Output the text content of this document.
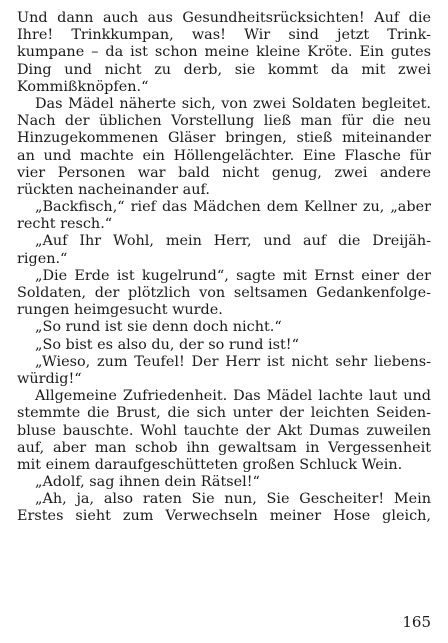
Und dann auch aus Gesundheitsrücksichten! Auf die
Ihre! Trinkkumpan, was! Wir sind jetzt Trink-
kumpane – da ist schon meine kleine Kröte. Ein gutes
Ding und nicht zu derb, sie kommt da mit zwei
Kommißknöpfen.“
Das Mädel näherte sich, von zwei Soldaten begleitet.
Nach der üblichen Vorstellung ließ man für die neu
Hinzugekommenen Gläser bringen, stieß miteinander
an und machte ein Höllengelächter. Eine Flasche für
vier Personen war bald nicht genug, zwei andere
rückten nacheinander auf.
„Backfisch,“ rief das Mädchen dem Kellner zu, „aber
recht resch.“
„Auf Ihr Wohl, mein Herr, und auf die Dreijäh-
rigen.“
„Die Erde ist kugelrund“, sagte mit Ernst einer der
Soldaten, der plötzlich von seltsamen Gedankenfolge-
rungen heimgesucht wurde.
„So rund ist sie denn doch nicht.“
„So bist es also du, der so rund ist!“
„Wieso, zum Teufel! Der Herr ist nicht sehr liebens-
würdig!“
Allgemeine Zufriedenheit. Das Mädel lachte laut und
stemmte die Brust, die sich unter der leichten Seiden-
bluse bauschte. Wohl tauchte der Akt Dumas zuweilen
auf, aber man schob ihn gewaltsam in Vergessenheit
mit einem daraufgeschütteten großen Schluck Wein.
„Adolf, sag ihnen dein Rätsel!“
„Ah, ja, also raten Sie nun, Sie Gescheiter! Mein
Erstes sieht zum Verwechseln meiner Hose gleich,
165
